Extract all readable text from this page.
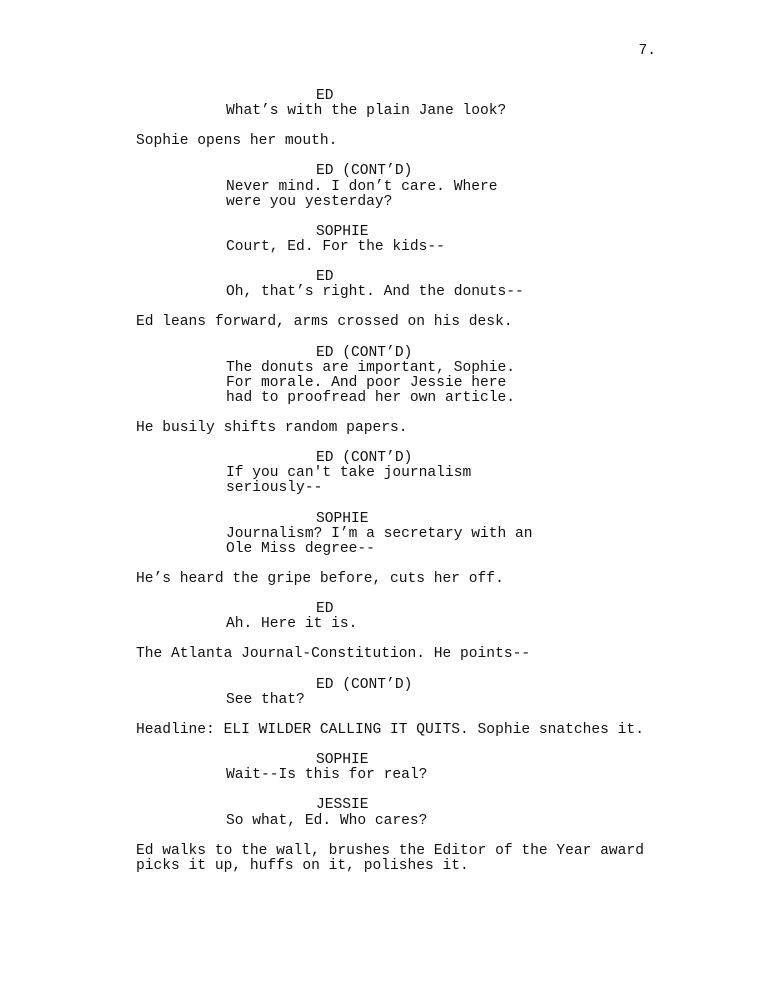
7.
ED
What’s with the plain Jane look?
Sophie opens her mouth.
ED (CONT’D)
Never mind. I don’t care. Where
were you yesterday?
SOPHIE
Court, Ed. For the kids--
ED
Oh, that’s right. And the donuts--
Ed leans forward, arms crossed on his desk.
ED (CONT’D)
The donuts are important, Sophie.
For morale. And poor Jessie here
had to proofread her own article.
He busily shifts random papers.
ED (CONT’D)
If you can't take journalism
seriously--
SOPHIE
Journalism? I’m a secretary with an
Ole Miss degree--
He’s heard the gripe before, cuts her off.
ED
Ah. Here it is.
The Atlanta Journal-Constitution. He points--
ED (CONT’D)
See that?
Headline: ELI WILDER CALLING IT QUITS. Sophie snatches it.
SOPHIE
Wait--Is this for real?
JESSIE
So what, Ed. Who cares?
Ed walks to the wall, brushes the Editor of the Year award
picks it up, huffs on it, polishes it.
